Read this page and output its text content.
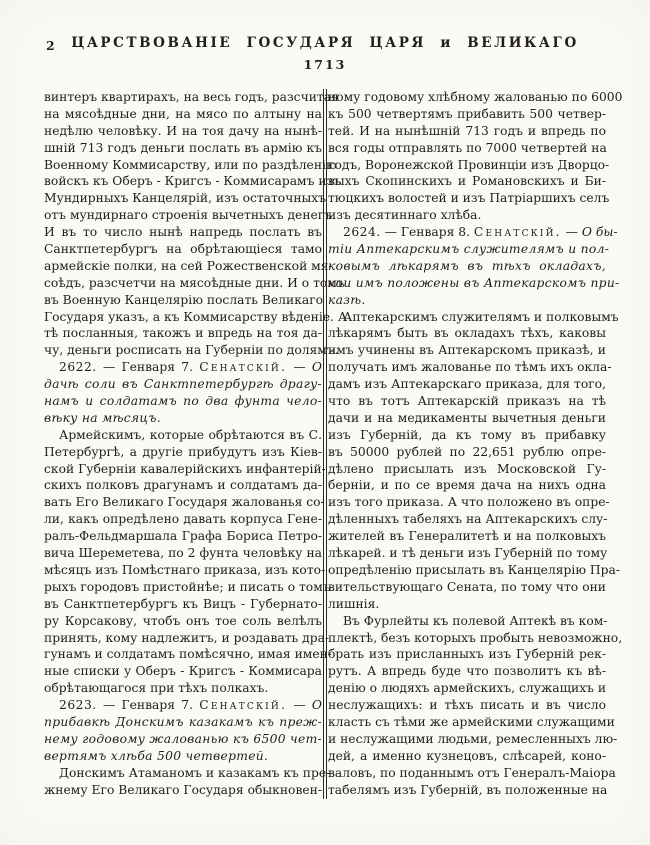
2	ЦАРСТВОВАНІЕ ГОСУДАРЯ ЦАРЯ и ВЕЛИКАГО
1713
винтеръ квартирахъ, на весь годъ, разсчитая
на мясоѣдные дни, на мясо по алтыну на
недѣлю человѣку. И на тоя дачу на нынѣ-
шній 713 годъ деньги послать въ армію къ
Военному Коммисарству, или по раздѣленію
войскъ къ Оберъ - Кригсъ - Коммисарамъ изъ
Мундирныхъ Канцелярій, изъ остаточныхъ
отъ мундирнаго строенія вычетныхъ денегъ.
И въ то число нынѣ напредь послать въ
Санктпетербургъ на обрѣтающіеся тамо
армейскіе полки, на сей Рожественской мя-
соѣдъ, разсчетчи на мясоѣдные дни. И о томъ
въ Военную Канцелярію послать Великаго
Государя указъ, а къ Коммисарству вѣденіе. А
тѣ посланныя, такожъ и впредь на тоя да-
чу, деньги росписать на Губерніи по долямъ.
2622. — Генваря 7. Сенатскій. — О
дачѣ соли въ Санктпетербургѣ драгу-
намъ и солдатамъ по два фунта чело-
вѣку на мѣсяцъ.
Армейскимъ, которые обрѣтаются въ С.
Петербургѣ, а другіе прибудутъ изъ Кіев-
ской Губерніи кавалерійскихъ инфантерій-
скихъ полковъ драгунамъ и солдатамъ да-
вать Его Великаго Государя жалованья со-
ли, какъ опредѣлено давать корпуса Гене-
ралъ-Фельдмаршала Графа Бориса Петро-
вича Шереметева, по 2 фунта человѣку на
мѣсяцъ изъ Помѣстнаго приказа, изъ кото-
рыхъ городовъ пристойнѣе; и писать о томъ
въ Санктпетербургъ къ Вицъ - Губернато-
ру Корсакову, чтобъ онъ тое соль велѣлъ
принять, кому надлежитъ, и роздавать дра-
гунамъ и солдатамъ помѣсячно, имая имен-
ные списки у Оберъ - Кригсъ - Коммисара
обрѣтающагося при тѣхъ полкахъ.
2623. — Генваря 7. Сенатскій. — О
прибавкѣ Донскимъ казакамъ къ преж-
нему годовому жалованью къ 6500 чет-
вертямъ хлѣба 500 четвертей.
Донскимъ Атаманомъ и казакамъ къ пре-
жнему Его Великаго Государя обыкновен-
ному годовому хлѣбному жалованью по 6000
къ 500 четвертямъ прибавить 500 четвер-
тей. И на нынѣшній 713 годъ и впредь по
вся годы отправлять по 7000 четвертей на
годъ, Воронежской Провинціи изъ Дворцо-
выхъ Скопинскихъ и Романовскихъ и Би-
тюцкихъ волостей и изъ Патріаршихъ селъ
изъ десятиннаго хлѣба.
2624. — Генваря 8. Сенатскій. — О бы-
тіи Аптекарскимъ служителямъ и пол-
ковымъ лѣкарямъ въ тѣхъ окладахъ,
кои имъ положены въ Аптекарскомъ при-
казѣ.
Аптекарскимъ служителямъ и полковымъ
лѣкарямъ быть въ окладахъ тѣхъ, каковы
имъ учинены въ Аптекарскомъ приказѣ, и
получать имъ жалованье по тѣмъ ихъ окла-
дамъ изъ Аптекарскаго приказа, для того,
что въ тотъ Аптекарскій приказъ на тѣ
дачи и на медикаменты вычетныя деньги
изъ Губерній, да къ тому въ прибавку
въ 50000 рублей по 22,651 рублю опре-
дѣлено присылать изъ Московской Гу-
берніи, и по се время дача на нихъ одна
изъ того приказа. А что положено въ опре-
дѣленныхъ табеляхъ на Аптекарскихъ слу-
жителей въ Генералитетѣ и на полковыхъ
лѣкарей. и тѣ деньги изъ Губерній по тому
опредѣленію присылать въ Канцелярію Пра-
вительствующаго Сената, по тому что они
лишнія.
Въ Фурлейты къ полевой Аптекѣ въ ком-
плектѣ, безъ которыхъ пробыть невозможно,
брать изъ присланныхъ изъ Губерній рек-
рутъ. А впредь буде что позволитъ къ вѣ-
денію о людяхъ армейскихъ, служащихъ и
неслужащихъ: и тѣхъ писать и въ число
класть съ тѣми же армейскими служащими
и неслужащими людьми, ремесленныхъ лю-
дей, а именно кузнецовъ, слѣсарей, коно-
валовъ, по поданнымъ отъ Генералъ-Маіора
табелямъ изъ Губерній, въ положенные на
